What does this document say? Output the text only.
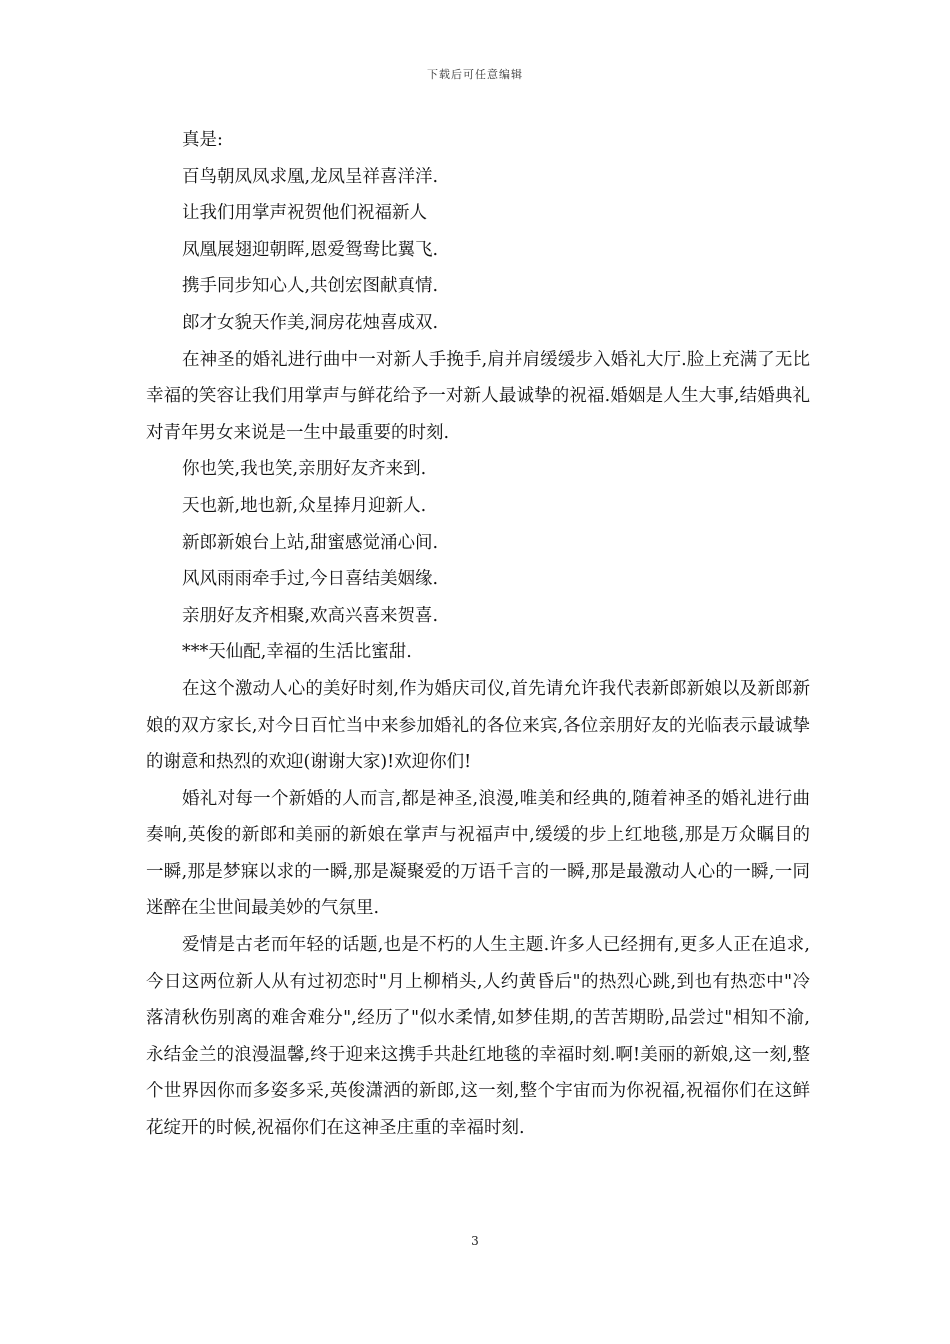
下载后可任意编辑

真是:

百鸟朝凤凤求凰,龙凤呈祥喜洋洋.

让我们用掌声祝贺他们祝福新人

凤凰展翅迎朝晖,恩爱鸳鸯比翼飞.

携手同步知心人,共创宏图献真情.

郎才女貌天作美,洞房花烛喜成双.

在神圣的婚礼进行曲中一对新人手挽手,肩并肩缓缓步入婚礼大厅.脸上充满了无比幸福的笑容让我们用掌声与鲜花给予一对新人最诚挚的祝福.婚姻是人生大事,结婚典礼对青年男女来说是一生中最重要的时刻.

你也笑,我也笑,亲朋好友齐来到.

天也新,地也新,众星捧月迎新人.

新郎新娘台上站,甜蜜感觉涌心间.

风风雨雨牵手过,今日喜结美姻缘.

亲朋好友齐相聚,欢高兴喜来贺喜.

***天仙配,幸福的生活比蜜甜.

在这个激动人心的美好时刻,作为婚庆司仪,首先请允许我代表新郎新娘以及新郎新娘的双方家长,对今日百忙当中来参加婚礼的各位来宾,各位亲朋好友的光临表示最诚挚的谢意和热烈的欢迎(谢谢大家)!欢迎你们!

婚礼对每一个新婚的人而言,都是神圣,浪漫,唯美和经典的,随着神圣的婚礼进行曲奏响,英俊的新郎和美丽的新娘在掌声与祝福声中,缓缓的步上红地毯,那是万众瞩目的一瞬,那是梦寐以求的一瞬,那是凝聚爱的万语千言的一瞬,那是最激动人心的一瞬,一同迷醉在尘世间最美妙的气氛里.

爱情是古老而年轻的话题,也是不朽的人生主题.许多人已经拥有,更多人正在追求,今日这两位新人从有过初恋时"月上柳梢头,人约黄昏后"的热烈心跳,到也有热恋中"冷落清秋伤别离的难舍难分",经历了"似水柔情,如梦佳期,的苦苦期盼,品尝过"相知不渝,永结金兰的浪漫温馨,终于迎来这携手共赴红地毯的幸福时刻.啊!美丽的新娘,这一刻,整个世界因你而多姿多采,英俊潇洒的新郎,这一刻,整个宇宙而为你祝福,祝福你们在这鲜花绽开的时候,祝福你们在这神圣庄重的幸福时刻.

3
